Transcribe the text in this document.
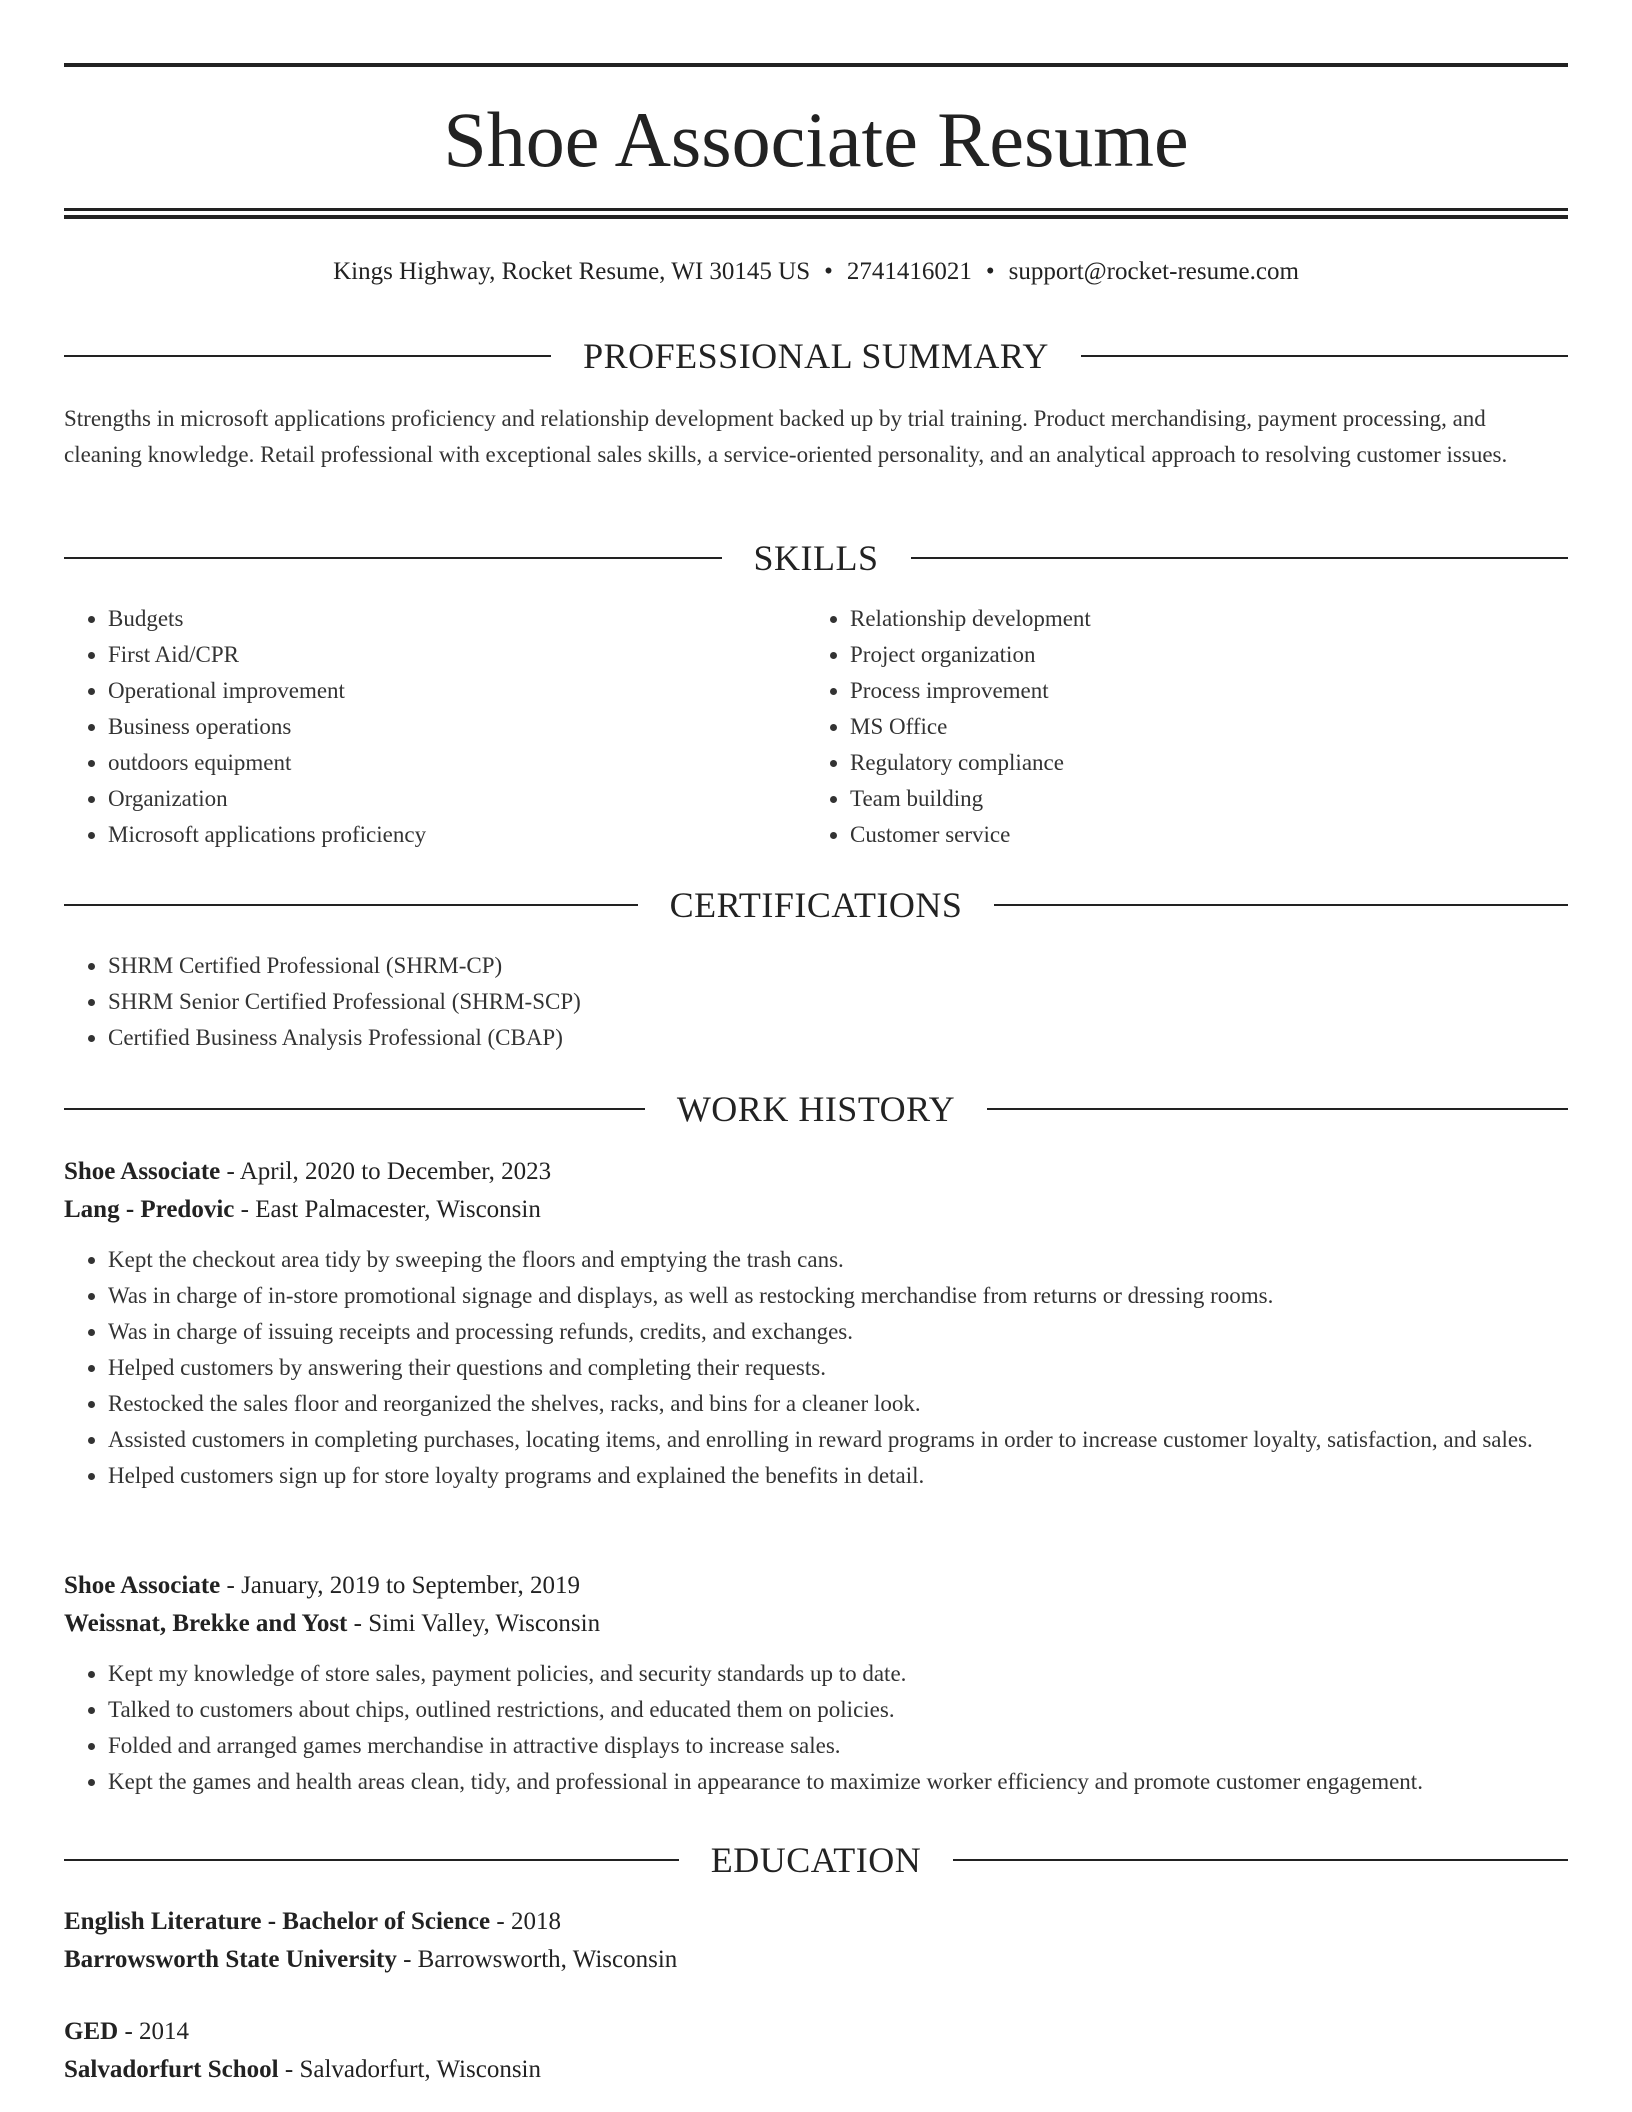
Shoe Associate Resume
Kings Highway, Rocket Resume, WI 30145 US • 2741416021 • support@rocket-resume.com
PROFESSIONAL SUMMARY

Strengths in microsoft applications proficiency and relationship development backed up by trial training. Product merchandising, payment processing, and cleaning knowledge. Retail professional with exceptional sales skills, a service-oriented personality, and an analytical approach to resolving customer issues.

SKILLS
• Budgets
• First Aid/CPR
• Operational improvement
• Business operations
• outdoors equipment
• Organization
• Microsoft applications proficiency
• Relationship development
• Project organization
• Process improvement
• MS Office
• Regulatory compliance
• Team building
• Customer service
CERTIFICATIONS
• SHRM Certified Professional (SHRM-CP)
• SHRM Senior Certified Professional (SHRM-SCP)
• Certified Business Analysis Professional (CBAP)
WORK HISTORY
Shoe Associate - April, 2020 to December, 2023
Lang - Predovic - East Palmacester, Wisconsin
• Kept the checkout area tidy by sweeping the floors and emptying the trash cans.
• Was in charge of in-store promotional signage and displays, as well as restocking merchandise from returns or dressing rooms.
• Was in charge of issuing receipts and processing refunds, credits, and exchanges.
• Helped customers by answering their questions and completing their requests.
• Restocked the sales floor and reorganized the shelves, racks, and bins for a cleaner look.
• Assisted customers in completing purchases, locating items, and enrolling in reward programs in order to increase customer loyalty, satisfaction, and sales.
• Helped customers sign up for store loyalty programs and explained the benefits in detail.
Shoe Associate - January, 2019 to September, 2019
Weissnat, Brekke and Yost - Simi Valley, Wisconsin
• Kept my knowledge of store sales, payment policies, and security standards up to date.
• Talked to customers about chips, outlined restrictions, and educated them on policies.
• Folded and arranged games merchandise in attractive displays to increase sales.
• Kept the games and health areas clean, tidy, and professional in appearance to maximize worker efficiency and promote customer engagement.
EDUCATION
English Literature - Bachelor of Science - 2018
Barrowsworth State University - Barrowsworth, Wisconsin
GED - 2014
Salvadorfurt School - Salvadorfurt, Wisconsin
